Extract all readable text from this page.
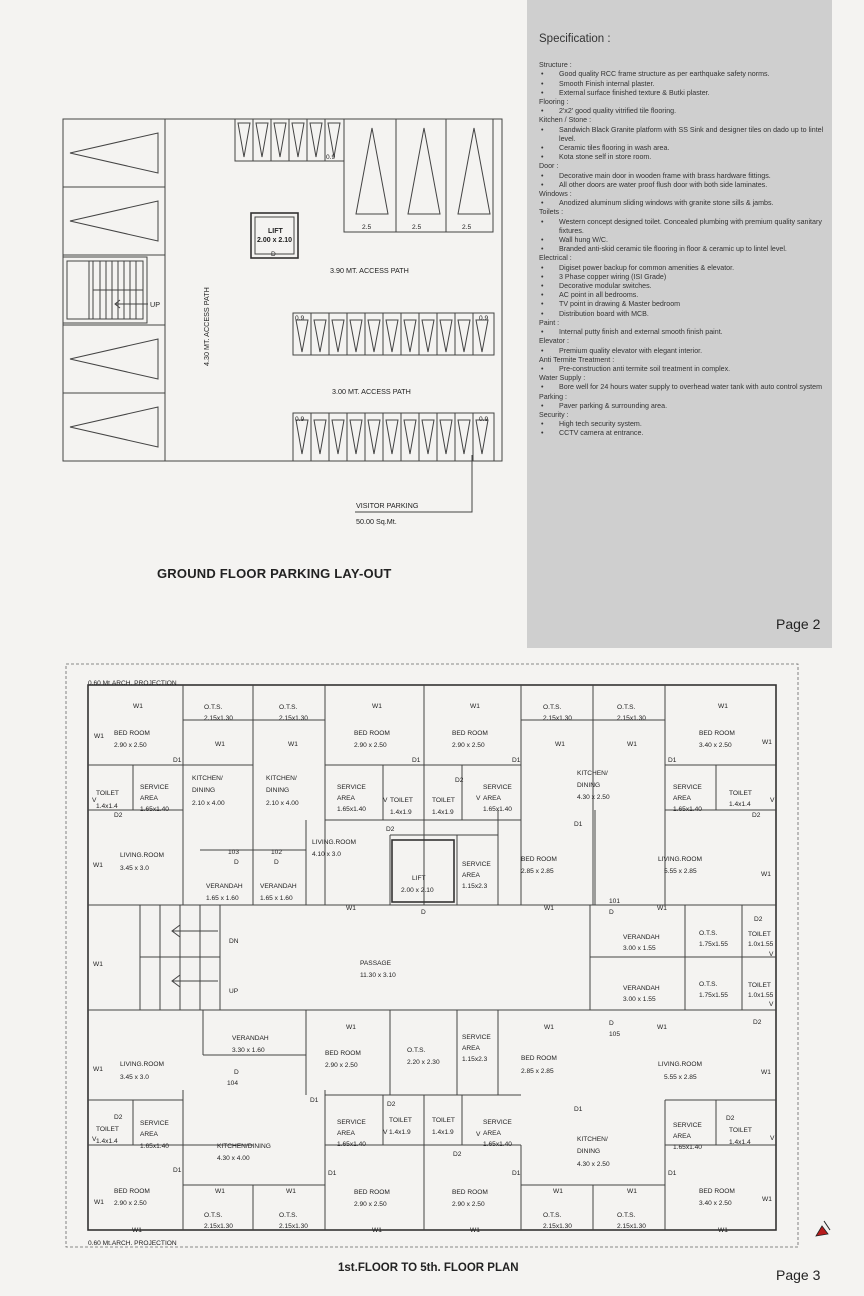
Specification :
Structure :
• Good quality RCC frame structure as per earthquake safety norms.
• Smooth Finish internal plaster.
• External surface finished texture & Butki plaster.
Flooring :
• 2'x2' good quality vitrified tile flooring.
Kitchen / Stone :
• Sandwich Black Granite platform with SS Sink and designer tiles on dado up to lintel level.
• Ceramic tiles flooring in wash area.
• Kota stone self in store room.
Door :
• Decorative main door in wooden frame with brass hardware fittings.
• All other doors are water proof flush door with both side laminates.
Windows :
• Anodized aluminum sliding windows with granite stone sills & jambs.
Toilets :
• Western concept designed toilet. Concealed plumbing with premium quality sanitary fixtures.
• Wall hung W/C.
• Branded anti-skid ceramic tile flooring in floor & ceramic up to lintel level.
Electrical :
• Digiset power backup for common amenities & elevator.
• 3 Phase copper wiring (ISI Grade)
• Decorative modular switches.
• AC point in all bedrooms.
• TV point in drawing & Master bedroom
• Distribution board with MCB.
Paint :
• Internal putty finish and external smooth finish paint.
Elevator :
• Premium quality elevator with elegant interior.
Anti Termite Treatment :
• Pre-construction anti termite soil treatment in complex.
Water Supply :
• Bore well for 24 hours water supply to overhead water tank with auto control system
Parking :
• Paver parking & surrounding area.
Security :
• High tech security system.
• CCTV camera at entrance.
Page 2
UP
0.9
2.5	2.5	2.5
LIFT
2.00 x 2.10
D
3.90 MT. ACCESS PATH
4.30 MT. ACCESS PATH	0.9	0.9
3.00 MT. ACCESS PATH
0.9	0.9
VISITOR PARKING
50.00 Sq.Mt.
GROUND FLOOR PARKING LAY-OUT
W1
W1 BED ROOM
2.90 x 2.50
D1
O.T.S.
2.15x1.30
O.T.S.
2.15x1.30
W1	W1
KITCHEN/
DINING
2.10 x 4.00
KITCHEN/
DINING
2.10 x 4.00
TOILET
V
1.4x1.4
SERVICE
AREA
1.65x1.40
D2
W1
LIVING.ROOM
3.45 x 3.0
103
D
102
D
VERANDAH
1.65 x 1.60
VERANDAH
1.65 x 1.60
LIVING.ROOM
4.10 x 3.0
W1
W1
BED ROOM
2.90 x 2.50
D1
W1
BED ROOM
2.90 x 2.50
D1
SERVICE
AREA
1.65x1.40
V TOILET
1.4x1.9
D2
TOILET
1.4x1.9
D2
SERVICE
V AREA
1.65x1.40
LIFT
2.00 x 2.10
SERVICE
AREA
1.15x2.3
BED ROOM
2.85 x 2.85
D
W1
O.T.S.
2.15x1.30
O.T.S.
2.15x1.30
W1	W1
KITCHEN/
DINING
4.30 x 2.50
D1
W1
BED ROOM
3.40 x 2.50	W1
D1
SERVICE
AREA
1.65x1.40
TOILET
1.4x1.4
V
D2
LIVING.ROOM
5.55 x 2.85	W1
101
D
W1
VERANDAH
3.00 x 1.55
O.T.S.
1.75x1.55
D2
TOILET
1.0x1.55
V
VERANDAH
3.00 x 1.55
O.T.S.
1.75x1.55
TOILET
1.0x1.55
V
DN
UP
PASSAGE
11.30 x 3.10
W1
W1
LIVING.ROOM
3.45 x 3.0
VERANDAH
3.30 x 1.60
D
104
W1
BED ROOM
2.90 x 2.50
D1
O.T.S.
2.20 x 2.30
SERVICE
AREA
1.15x2.3
W1
BED ROOM
2.85 x 2.85
D1
D
105
W1
D2
LIVING.ROOM
5.55 x 2.85
W1
D2
TOILET
V 1.4x1.4
SERVICE
AREA
1.65x1.40	KITCHEN/DINING
4.30 x 4.00
D1
W1
BED ROOM
2.90 x 2.50
W1	W1
O.T.S.
2.15x1.30
O.T.S.
2.15x1.30
W1
D2
SERVICE
AREA
1.65x1.40
TOILET
V 1.4x1.9
TOILET
1.4x1.9
D2
SERVICE
V AREA
1.65x1.40
D1
BED ROOM
2.90 x 2.50
D1
BED ROOM
2.90 x 2.50
W1	W1
KITCHEN/
DINING
4.30 x 2.50
W1	W1
O.T.S.
2.15x1.30
O.T.S.
2.15x1.30
SERVICE
AREA
1.65x1.40
D2
TOILET
1.4x1.4
V
D1
BED ROOM
3.40 x 2.50
W1
W1
0.60 Mt.ARCH. PROJECTION
0.60 Mt.ARCH. PROJECTION
1st.FLOOR TO 5th. FLOOR PLAN	Page 3
